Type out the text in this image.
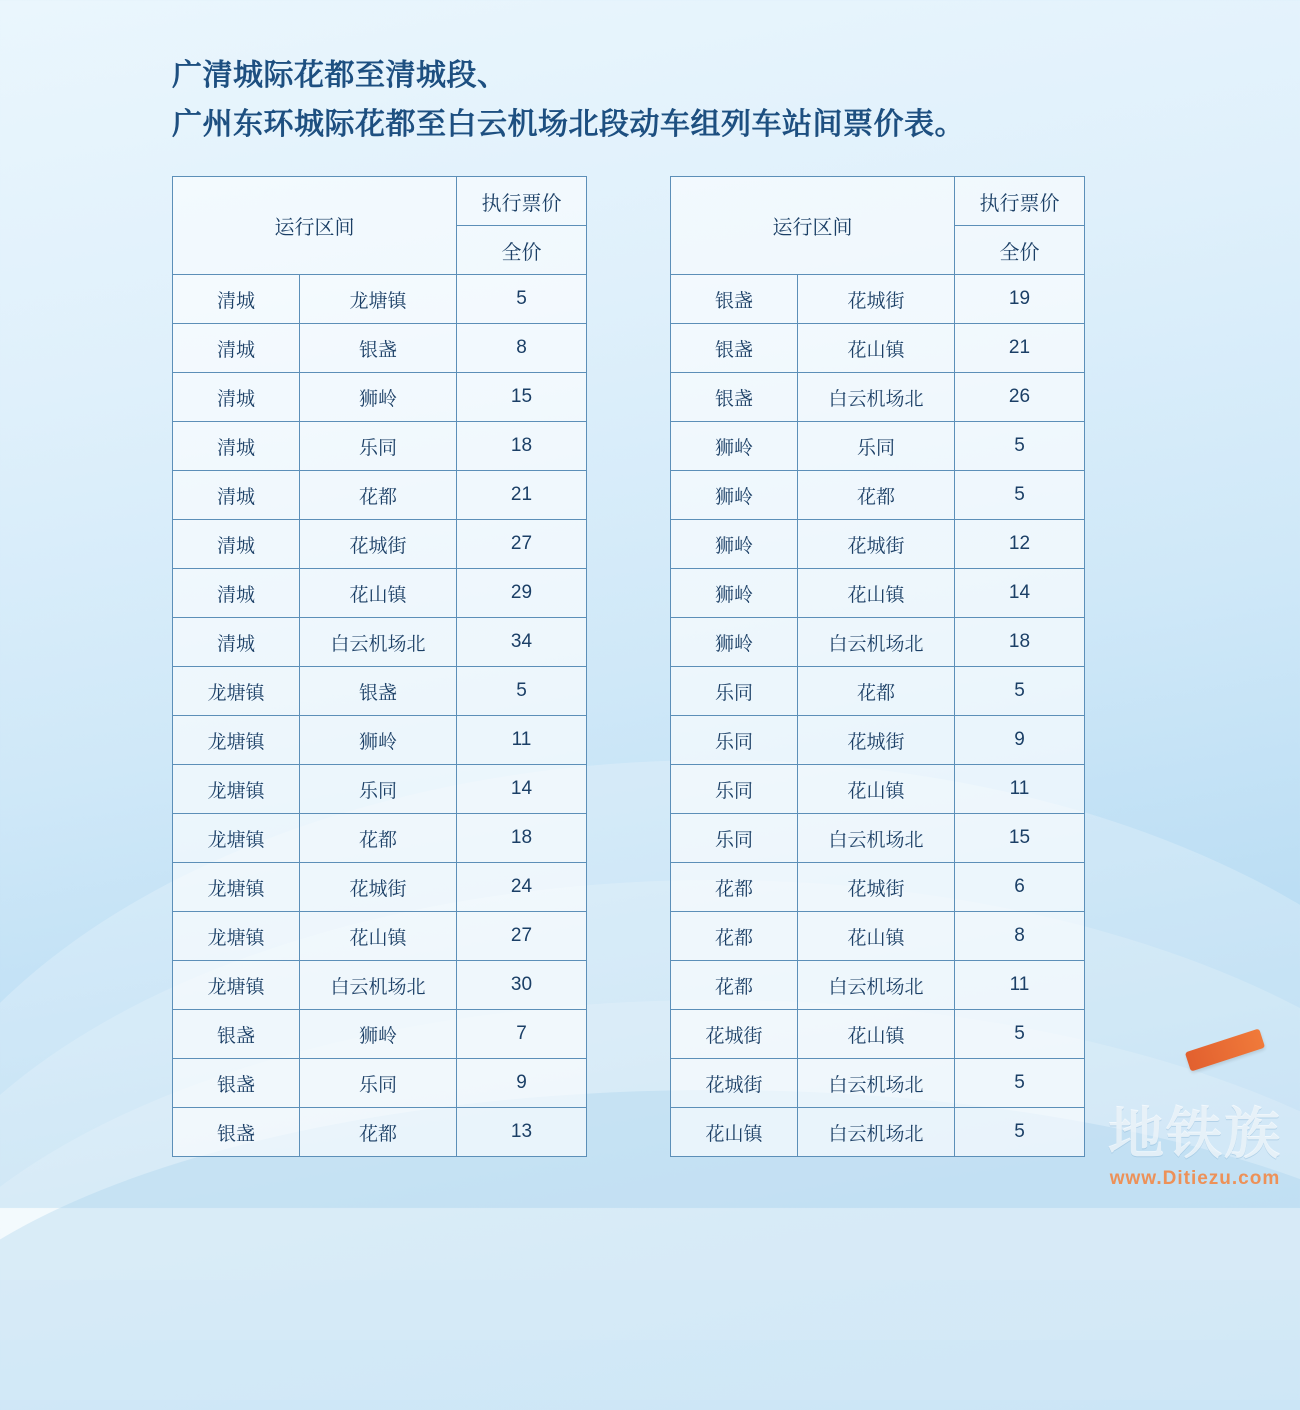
广清城际花都至清城段、
广州东环城际花都至白云机场北段动车组列车站间票价表。
运行区间		执行票价
		全价
清城	龙塘镇	5
清城	银盏	8
清城	狮岭	15
清城	乐同	18
清城	花都	21
清城	花城街	27
清城	花山镇	29
清城	白云机场北	34
龙塘镇	银盏	5
龙塘镇	狮岭	11
龙塘镇	乐同	14
龙塘镇	花都	18
龙塘镇	花城街	24
龙塘镇	花山镇	27
龙塘镇	白云机场北	30
银盏	狮岭	7
银盏	乐同	9
银盏	花都	13
运行区间		执行票价
		全价
银盏	花城街	19
银盏	花山镇	21
银盏	白云机场北	26
狮岭	乐同	5
狮岭	花都	5
狮岭	花城街	12
狮岭	花山镇	14
狮岭	白云机场北	18
乐同	花都	5
乐同	花城街	9
乐同	花山镇	11
乐同	白云机场北	15
花都	花城街	6
花都	花山镇	8
花都	白云机场北	11
花城街	花山镇	5
花城街	白云机场北	5
花山镇	白云机场北	5 地铁族
www.Ditiezu.com
